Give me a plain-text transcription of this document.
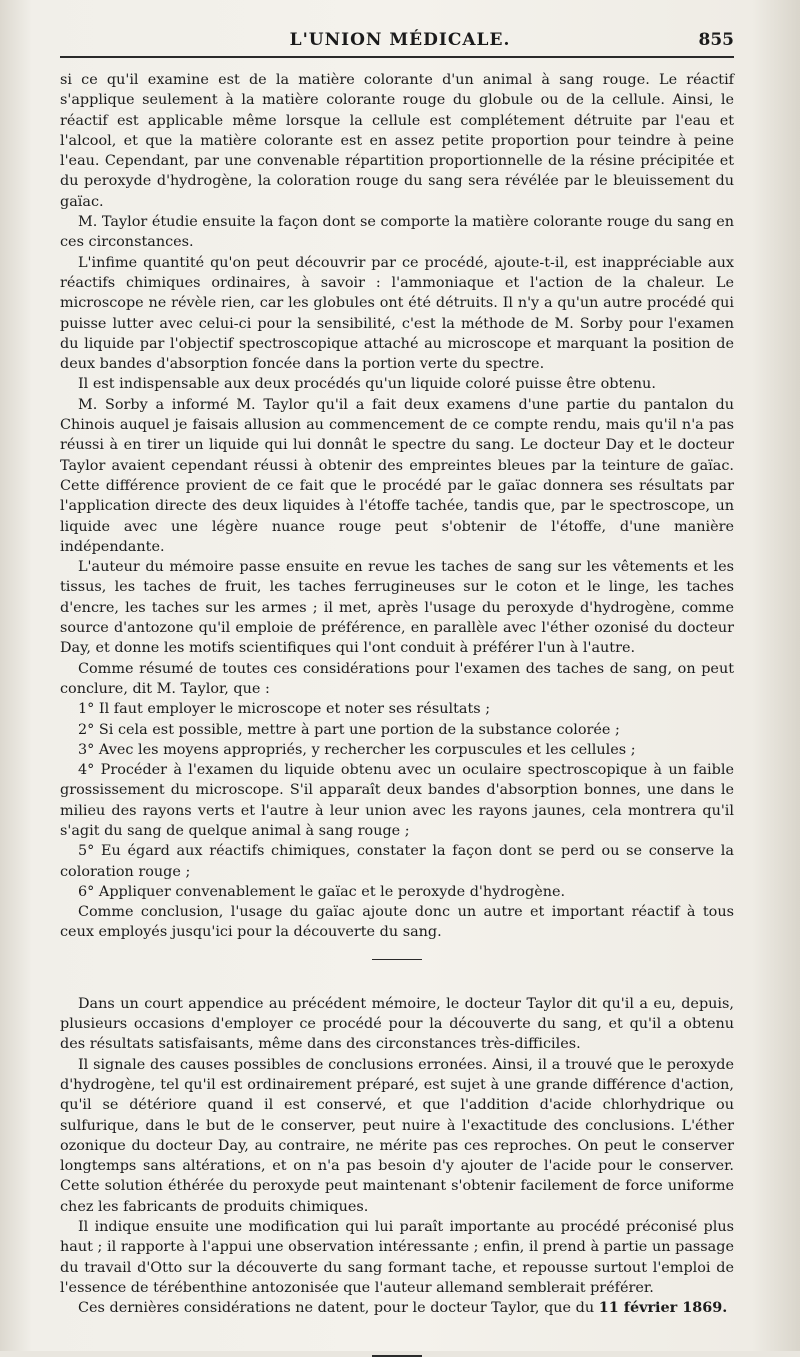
L'UNION MÉDICALE.	855

si ce qu'il examine est de la matière colorante d'un animal à sang rouge. Le réactif s'applique seulement à la matière colorante rouge du globule ou de la cellule. Ainsi, le réactif est applicable même lorsque la cellule est complétement détruite par l'eau et l'alcool, et que la matière colorante est en assez petite proportion pour teindre à peine l'eau. Cependant, par une convenable répartition proportionnelle de la résine précipitée et du peroxyde d'hydrogène, la coloration rouge du sang sera révélée par le bleuissement du gaïac.

M. Taylor étudie ensuite la façon dont se comporte la matière colorante rouge du sang en ces circonstances.

L'infime quantité qu'on peut découvrir par ce procédé, ajoute-t-il, est inappréciable aux réactifs chimiques ordinaires, à savoir : l'ammoniaque et l'action de la chaleur. Le microscope ne révèle rien, car les globules ont été détruits. Il n'y a qu'un autre procédé qui puisse lutter avec celui-ci pour la sensibilité, c'est la méthode de M. Sorby pour l'examen du liquide par l'objectif spectroscopique attaché au microscope et marquant la position de deux bandes d'absorption foncée dans la portion verte du spectre.

Il est indispensable aux deux procédés qu'un liquide coloré puisse être obtenu.

M. Sorby a informé M. Taylor qu'il a fait deux examens d'une partie du pantalon du Chinois auquel je faisais allusion au commencement de ce compte rendu, mais qu'il n'a pas réussi à en tirer un liquide qui lui donnât le spectre du sang. Le docteur Day et le docteur Taylor avaient cependant réussi à obtenir des empreintes bleues par la teinture de gaïac. Cette différence provient de ce fait que le procédé par le gaïac donnera ses résultats par l'application directe des deux liquides à l'étoffe tachée, tandis que, par le spectroscope, un liquide avec une légère nuance rouge peut s'obtenir de l'étoffe, d'une manière indépendante.

L'auteur du mémoire passe ensuite en revue les taches de sang sur les vêtements et les tissus, les taches de fruit, les taches ferrugineuses sur le coton et le linge, les taches d'encre, les taches sur les armes ; il met, après l'usage du peroxyde d'hydrogène, comme source d'antozone qu'il emploie de préférence, en parallèle avec l'éther ozonisé du docteur Day, et donne les motifs scientifiques qui l'ont conduit à préférer l'un à l'autre.

Comme résumé de toutes ces considérations pour l'examen des taches de sang, on peut conclure, dit M. Taylor, que :

1° Il faut employer le microscope et noter ses résultats ;

2° Si cela est possible, mettre à part une portion de la substance colorée ;

3° Avec les moyens appropriés, y rechercher les corpuscules et les cellules ;

4° Procéder à l'examen du liquide obtenu avec un oculaire spectroscopique à un faible grossissement du microscope. S'il apparaît deux bandes d'absorption bonnes, une dans le milieu des rayons verts et l'autre à leur union avec les rayons jaunes, cela montrera qu'il s'agit du sang de quelque animal à sang rouge ;

5° Eu égard aux réactifs chimiques, constater la façon dont se perd ou se conserve la coloration rouge ;

6° Appliquer convenablement le gaïac et le peroxyde d'hydrogène.

Comme conclusion, l'usage du gaïac ajoute donc un autre et important réactif à tous ceux employés jusqu'ici pour la découverte du sang.

Dans un court appendice au précédent mémoire, le docteur Taylor dit qu'il a eu, depuis, plusieurs occasions d'employer ce procédé pour la découverte du sang, et qu'il a obtenu des résultats satisfaisants, même dans des circonstances très-difficiles.

Il signale des causes possibles de conclusions erronées. Ainsi, il a trouvé que le peroxyde d'hydrogène, tel qu'il est ordinairement préparé, est sujet à une grande différence d'action, qu'il se détériore quand il est conservé, et que l'addition d'acide chlorhydrique ou sulfurique, dans le but de le conserver, peut nuire à l'exactitude des conclusions. L'éther ozonique du docteur Day, au contraire, ne mérite pas ces reproches. On peut le conserver longtemps sans altérations, et on n'a pas besoin d'y ajouter de l'acide pour le conserver. Cette solution éthérée du peroxyde peut maintenant s'obtenir facilement de force uniforme chez les fabricants de produits chimiques.

Il indique ensuite une modification qui lui paraît importante au procédé préconisé plus haut ; il rapporte à l'appui une observation intéressante ; enfin, il prend à partie un passage du travail d'Otto sur la découverte du sang formant tache, et repousse surtout l'emploi de l'essence de térébenthine antozonisée que l'auteur allemand semblerait préférer.

Ces dernières considérations ne datent, pour le docteur Taylor, que du 11 février 1869.
